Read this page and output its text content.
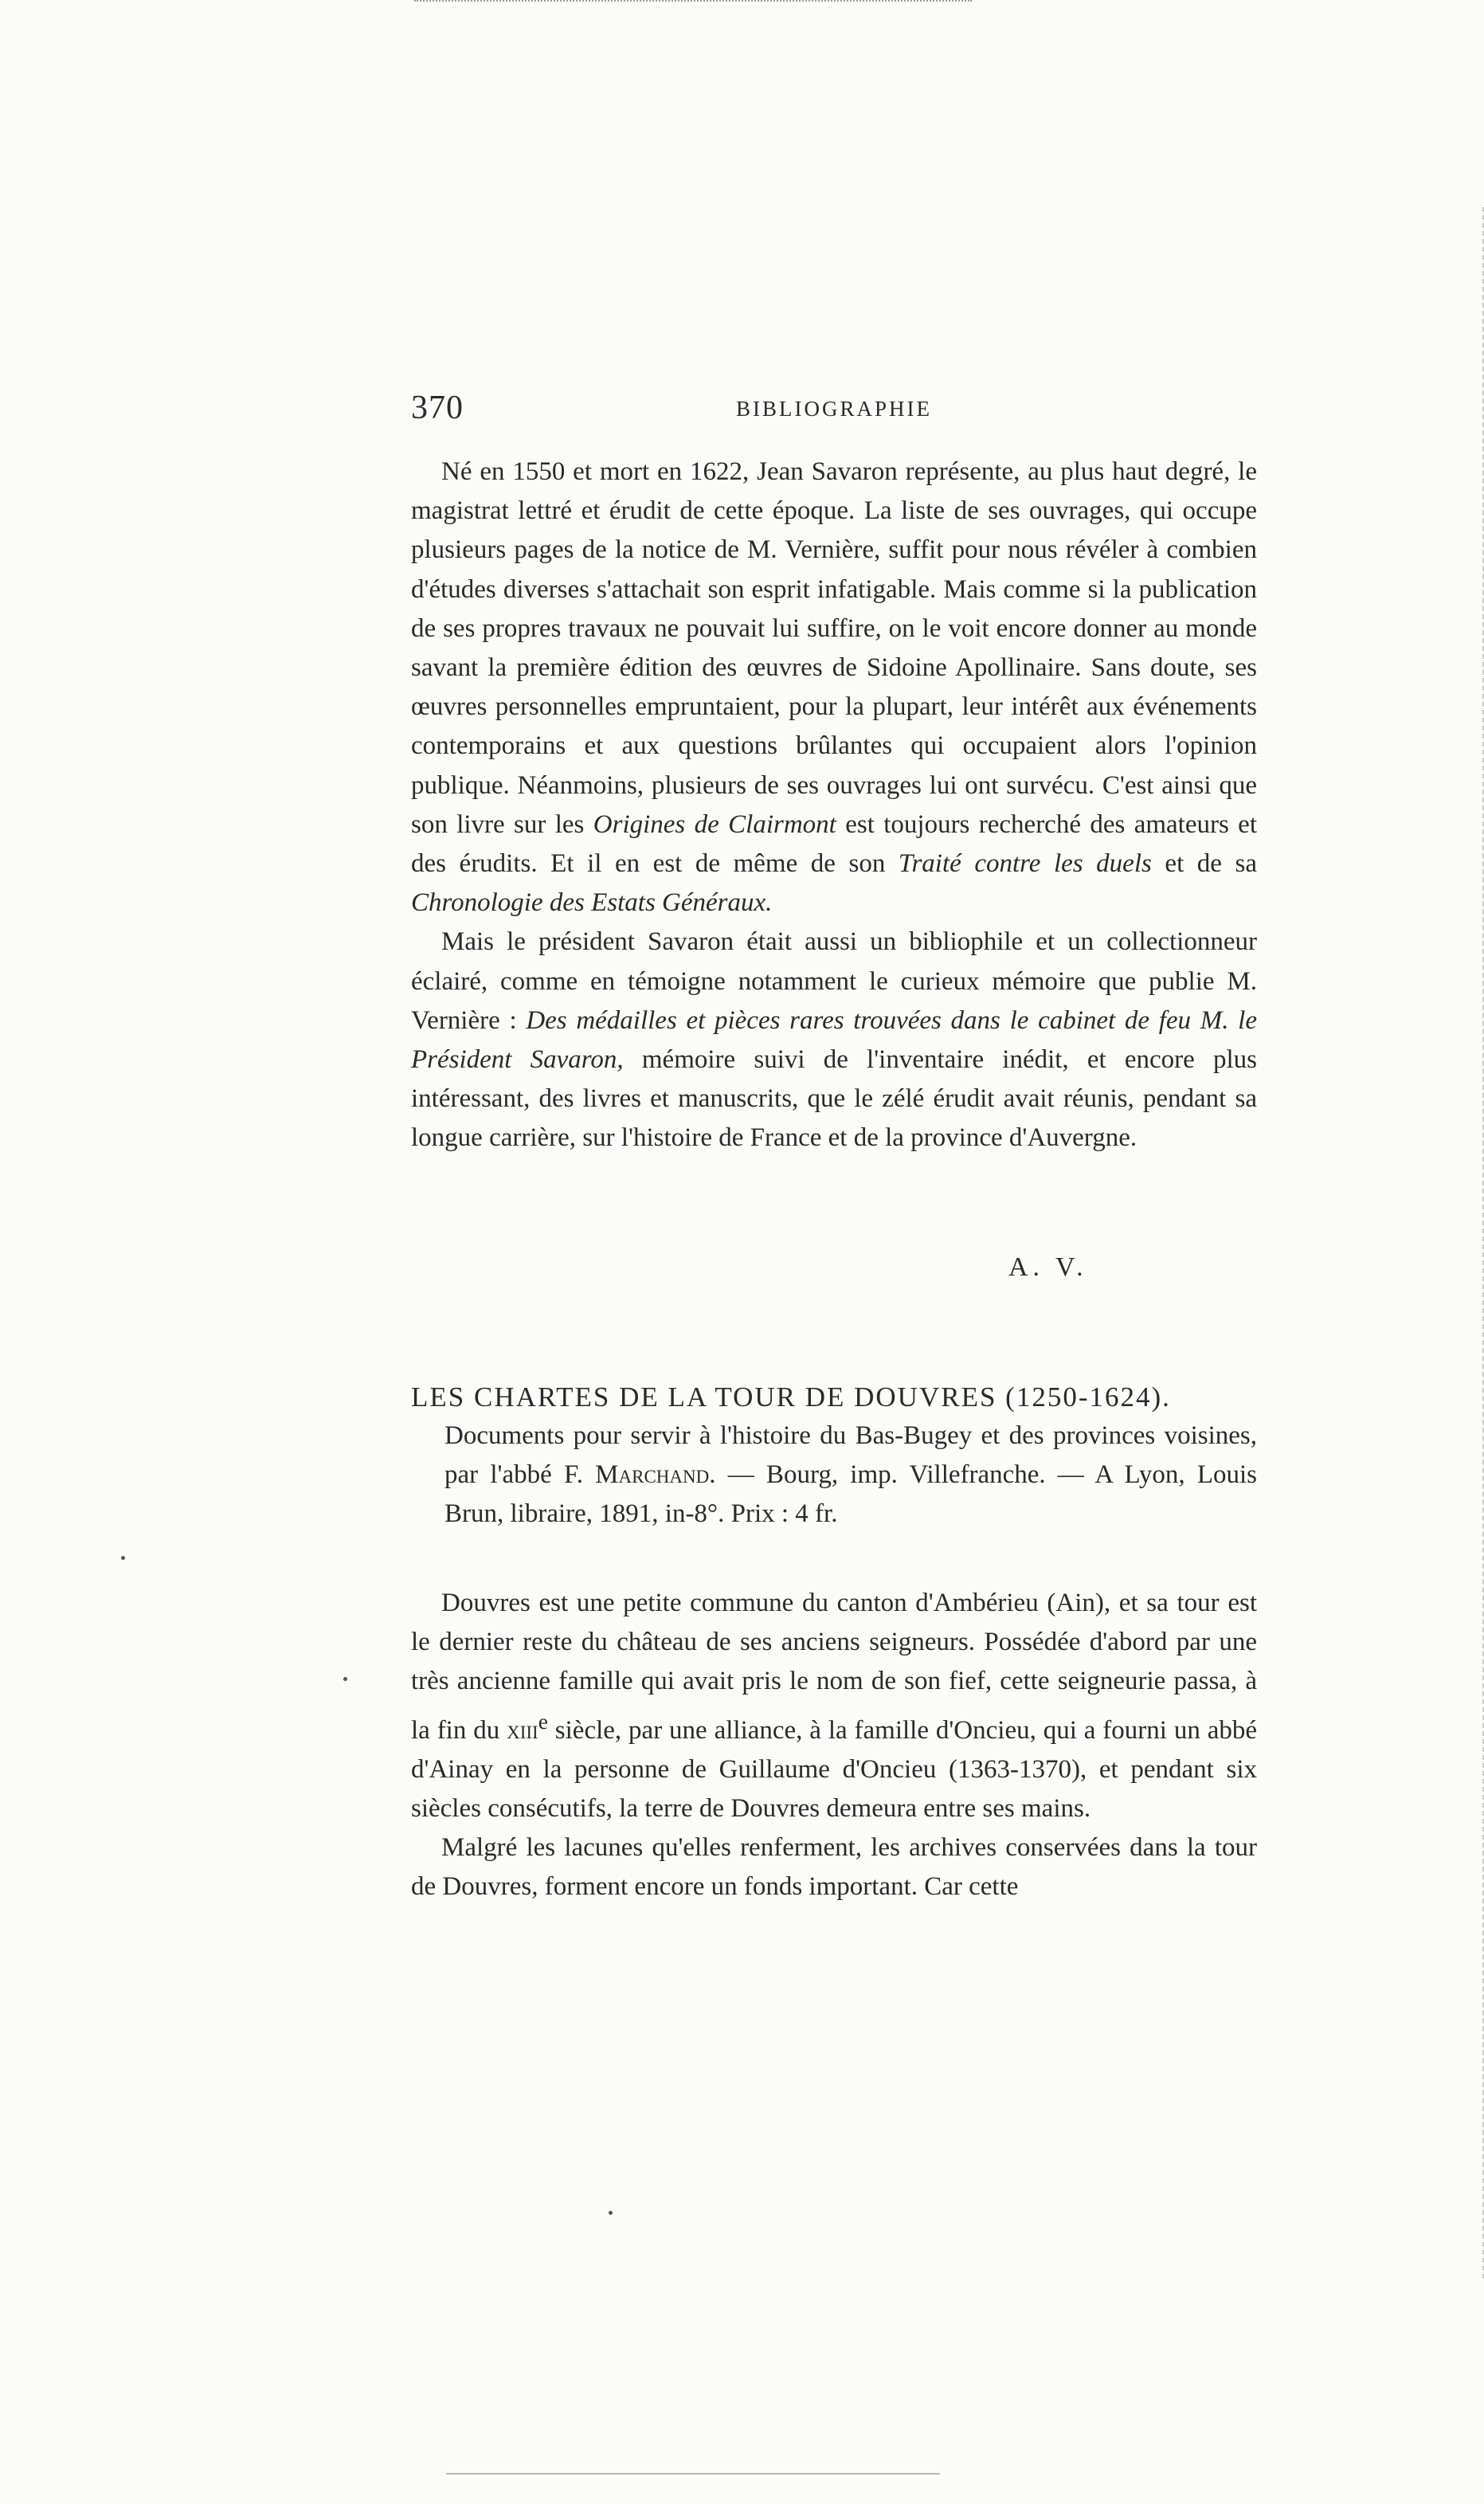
370	BIBLIOGRAPHIE

Né en 1550 et mort en 1622, Jean Savaron représente, au plus haut degré, le magistrat lettré et érudit de cette époque. La liste de ses ouvrages, qui occupe plusieurs pages de la notice de M. Vernière, suffit pour nous révéler à combien d'études diverses s'attachait son esprit infatigable. Mais comme si la publication de ses propres travaux ne pouvait lui suffire, on le voit encore donner au monde savant la première édition des œuvres de Sidoine Apollinaire. Sans doute, ses œuvres personnelles empruntaient, pour la plupart, leur intérêt aux événements contemporains et aux questions brûlantes qui occupaient alors l'opinion publique. Néanmoins, plusieurs de ses ouvrages lui ont survécu. C'est ainsi que son livre sur les Origines de Clairmont est toujours recherché des amateurs et des érudits. Et il en est de même de son Traité contre les duels et de sa Chronologie des Estats Généraux.

Mais le président Savaron était aussi un bibliophile et un collectionneur éclairé, comme en témoigne notamment le curieux mémoire que publie M. Vernière : Des médailles et pièces rares trouvées dans le cabinet de feu M. le Président Savaron, mémoire suivi de l'inventaire inédit, et encore plus intéressant, des livres et manuscrits, que le zélé érudit avait réunis, pendant sa longue carrière, sur l'histoire de France et de la province d'Auvergne.

A. V.
LES CHARTES DE LA TOUR DE DOUVRES (1250-1624).
Documents pour servir à l'histoire du Bas-Bugey et des provinces voisines, par l'abbé F. Marchand. — Bourg, imp. Villefranche. — A Lyon, Louis Brun, libraire, 1891, in-8°. Prix : 4 fr.

Douvres est une petite commune du canton d'Ambérieu (Ain), et sa tour est le dernier reste du château de ses anciens seigneurs. Possédée d'abord par une très ancienne famille qui avait pris le nom de son fief, cette seigneurie passa, à la fin du xiii$^e$ siècle, par une alliance, à la famille d'Oncieu, qui a fourni un abbé d'Ainay en la personne de Guillaume d'Oncieu (1363-1370), et pendant six siècles consécutifs, la terre de Douvres demeura entre ses mains.

Malgré les lacunes qu'elles renferment, les archives conservées dans la tour de Douvres, forment encore un fonds important. Car cette
